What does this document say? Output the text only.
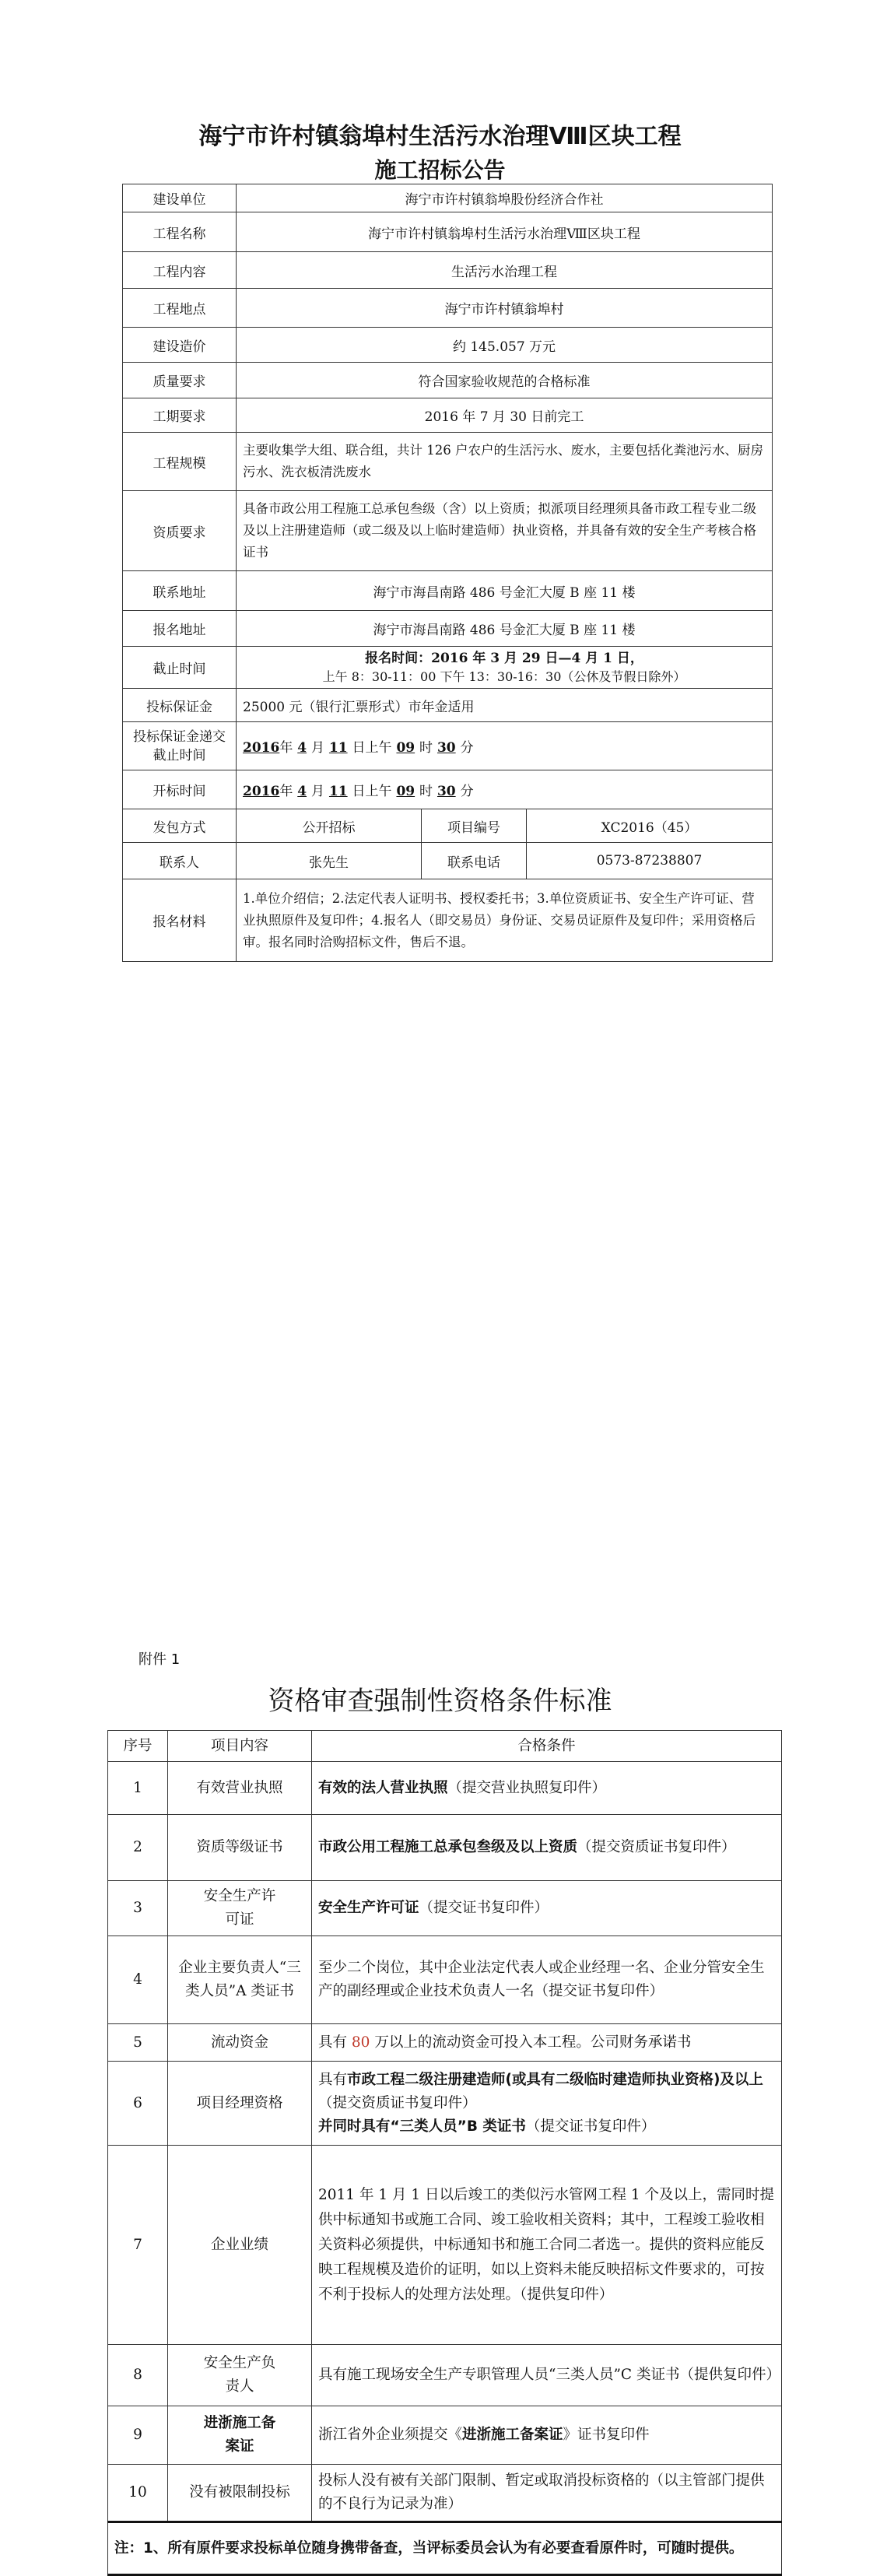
海宁市许村镇翁埠村生活污水治理Ⅷ区块工程
施工招标公告
建设单位	海宁市许村镇翁埠股份经济合作社		
工程名称	海宁市许村镇翁埠村生活污水治理Ⅷ区块工程		
工程内容	生活污水治理工程		
工程地点	海宁市许村镇翁埠村		
建设造价	约 145.057 万元		
质量要求	符合国家验收规范的合格标准		
工期要求	2016 年 7 月 30 日前完工		
工程规模	主要收集学大组、联合组，共计 126 户农户的生活污水、废水，主要包括化粪池污水、厨房污水、洗衣板清洗废水		
资质要求	具备市政公用工程施工总承包叁级（含）以上资质；拟派项目经理须具备市政工程专业二级及以上注册建造师（或二级及以上临时建造师）执业资格，并具备有效的安全生产考核合格证书		
联系地址	海宁市海昌南路 486 号金汇大厦 B 座 11 楼		
报名地址	海宁市海昌南路 486 号金汇大厦 B 座 11 楼		
截止时间	报名时间：2016 年 3 月 29 日—4 月 1 日，
上午 8：30-11：00 下午 13：30-16：30（公休及节假日除外）		

投标保证金	25000 元（银行汇票形式）市年金适用		
投标保证金递交截止时间	2016年 4 月 11 日上午 09 时 30 分		
开标时间	2016年 4 月 11 日上午 09 时 30 分		
发包方式	公开招标	项目编号	XC2016（45）
联系人	张先生	联系电话	0573-87238807
报名材料	1.单位介绍信；2.法定代表人证明书、授权委托书；3.单位资质证书、安全生产许可证、营业执照原件及复印件；4.报名人（即交易员）身份证、交易员证原件及复印件；采用资格后审。报名同时洽购招标文件，售后不退。		
附件 1
资格审查强制性资格条件标准
序号	项目内容	合格条件
1	有效营业执照	有效的法人营业执照（提交营业执照复印件）
2	资质等级证书	市政公用工程施工总承包叁级及以上资质（提交资质证书复印件）
3	安全生产许可证	安全生产许可证（提交证书复印件）
4	企业主要负责人“三类人员”A 类证书	至少二个岗位，其中企业法定代表人或企业经理一名、企业分管安全生产的副经理或企业技术负责人一名（提交证书复印件）
5	流动资金	具有 80 万以上的流动资金可投入本工程。公司财务承诺书
6	项目经理资格	具有市政工程二级注册建造师(或具有二级临时建造师执业资格)及以上（提交资质证书复印件）
并同时具有“三类人员”B 类证书（提交证书复印件）
7	企业业绩	2011 年 1 月 1 日以后竣工的类似污水管网工程 1 个及以上，需同时提供中标通知书或施工合同、竣工验收相关资料；其中，工程竣工验收相关资料必须提供，中标通知书和施工合同二者选一。提供的资料应能反映工程规模及造价的证明，如以上资料未能反映招标文件要求的，可按不利于投标人的处理方法处理。（提供复印件）
8	安全生产负责人	具有施工现场安全生产专职管理人员“三类人员”C 类证书（提供复印件）
9	进浙施工备案证	浙江省外企业须提交《进浙施工备案证》证书复印件
10	没有被限制投标	投标人没有被有关部门限制、暂定或取消投标资格的（以主管部门提供的不良行为记录为准）
注：1、所有原件要求投标单位随身携带备查，当评标委员会认为有必要查看原件时，可随时提供。		
